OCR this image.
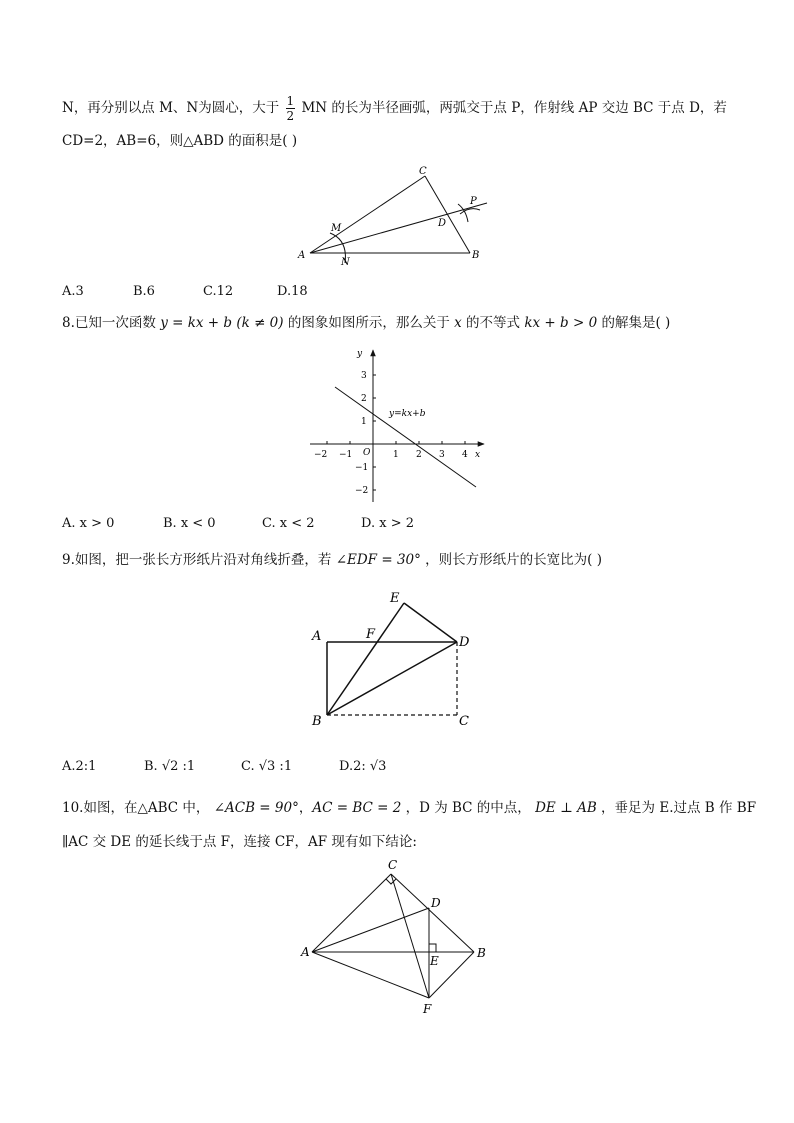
N，再分别以点 M、N为圆心，大于 $\frac{1}{2}$ MN 的长为半径画弧，两弧交于点 P，作射线 AP 交边 BC 于点 D，若
CD=2，AB=6，则△ABD 的面积是( )
A	B
C
D
M
N
P
A.3	B.6	C.12	D.18
8.已知一次函数 y = kx + b (k ≠ 0) 的图象如图所示，那么关于 x 的不等式 kx + b > 0 的解集是( )
−2 −1	1 2 3 4
3
2
1
−1
−2
O
y
x
y=kx+b
A. x > 0	B. x < 0	C. x < 2	D. x > 2
9.如图，把一张长方形纸片沿对角线折叠，若 ∠EDF = 30° ，则长方形纸片的长宽比为( )
A
B	C
D
E
F
A.2:1	B. √2 :1	C. √3 :1	D.2: √3
10.如图，在△ABC 中， ∠ACB = 90°，AC = BC = 2 ，D 为 BC 的中点， DE ⊥ AB ，垂足为 E.过点 B 作 BF
∥AC 交 DE 的延长线于点 F，连接 CF，AF 现有如下结论:
A	B
C
D
E
F
